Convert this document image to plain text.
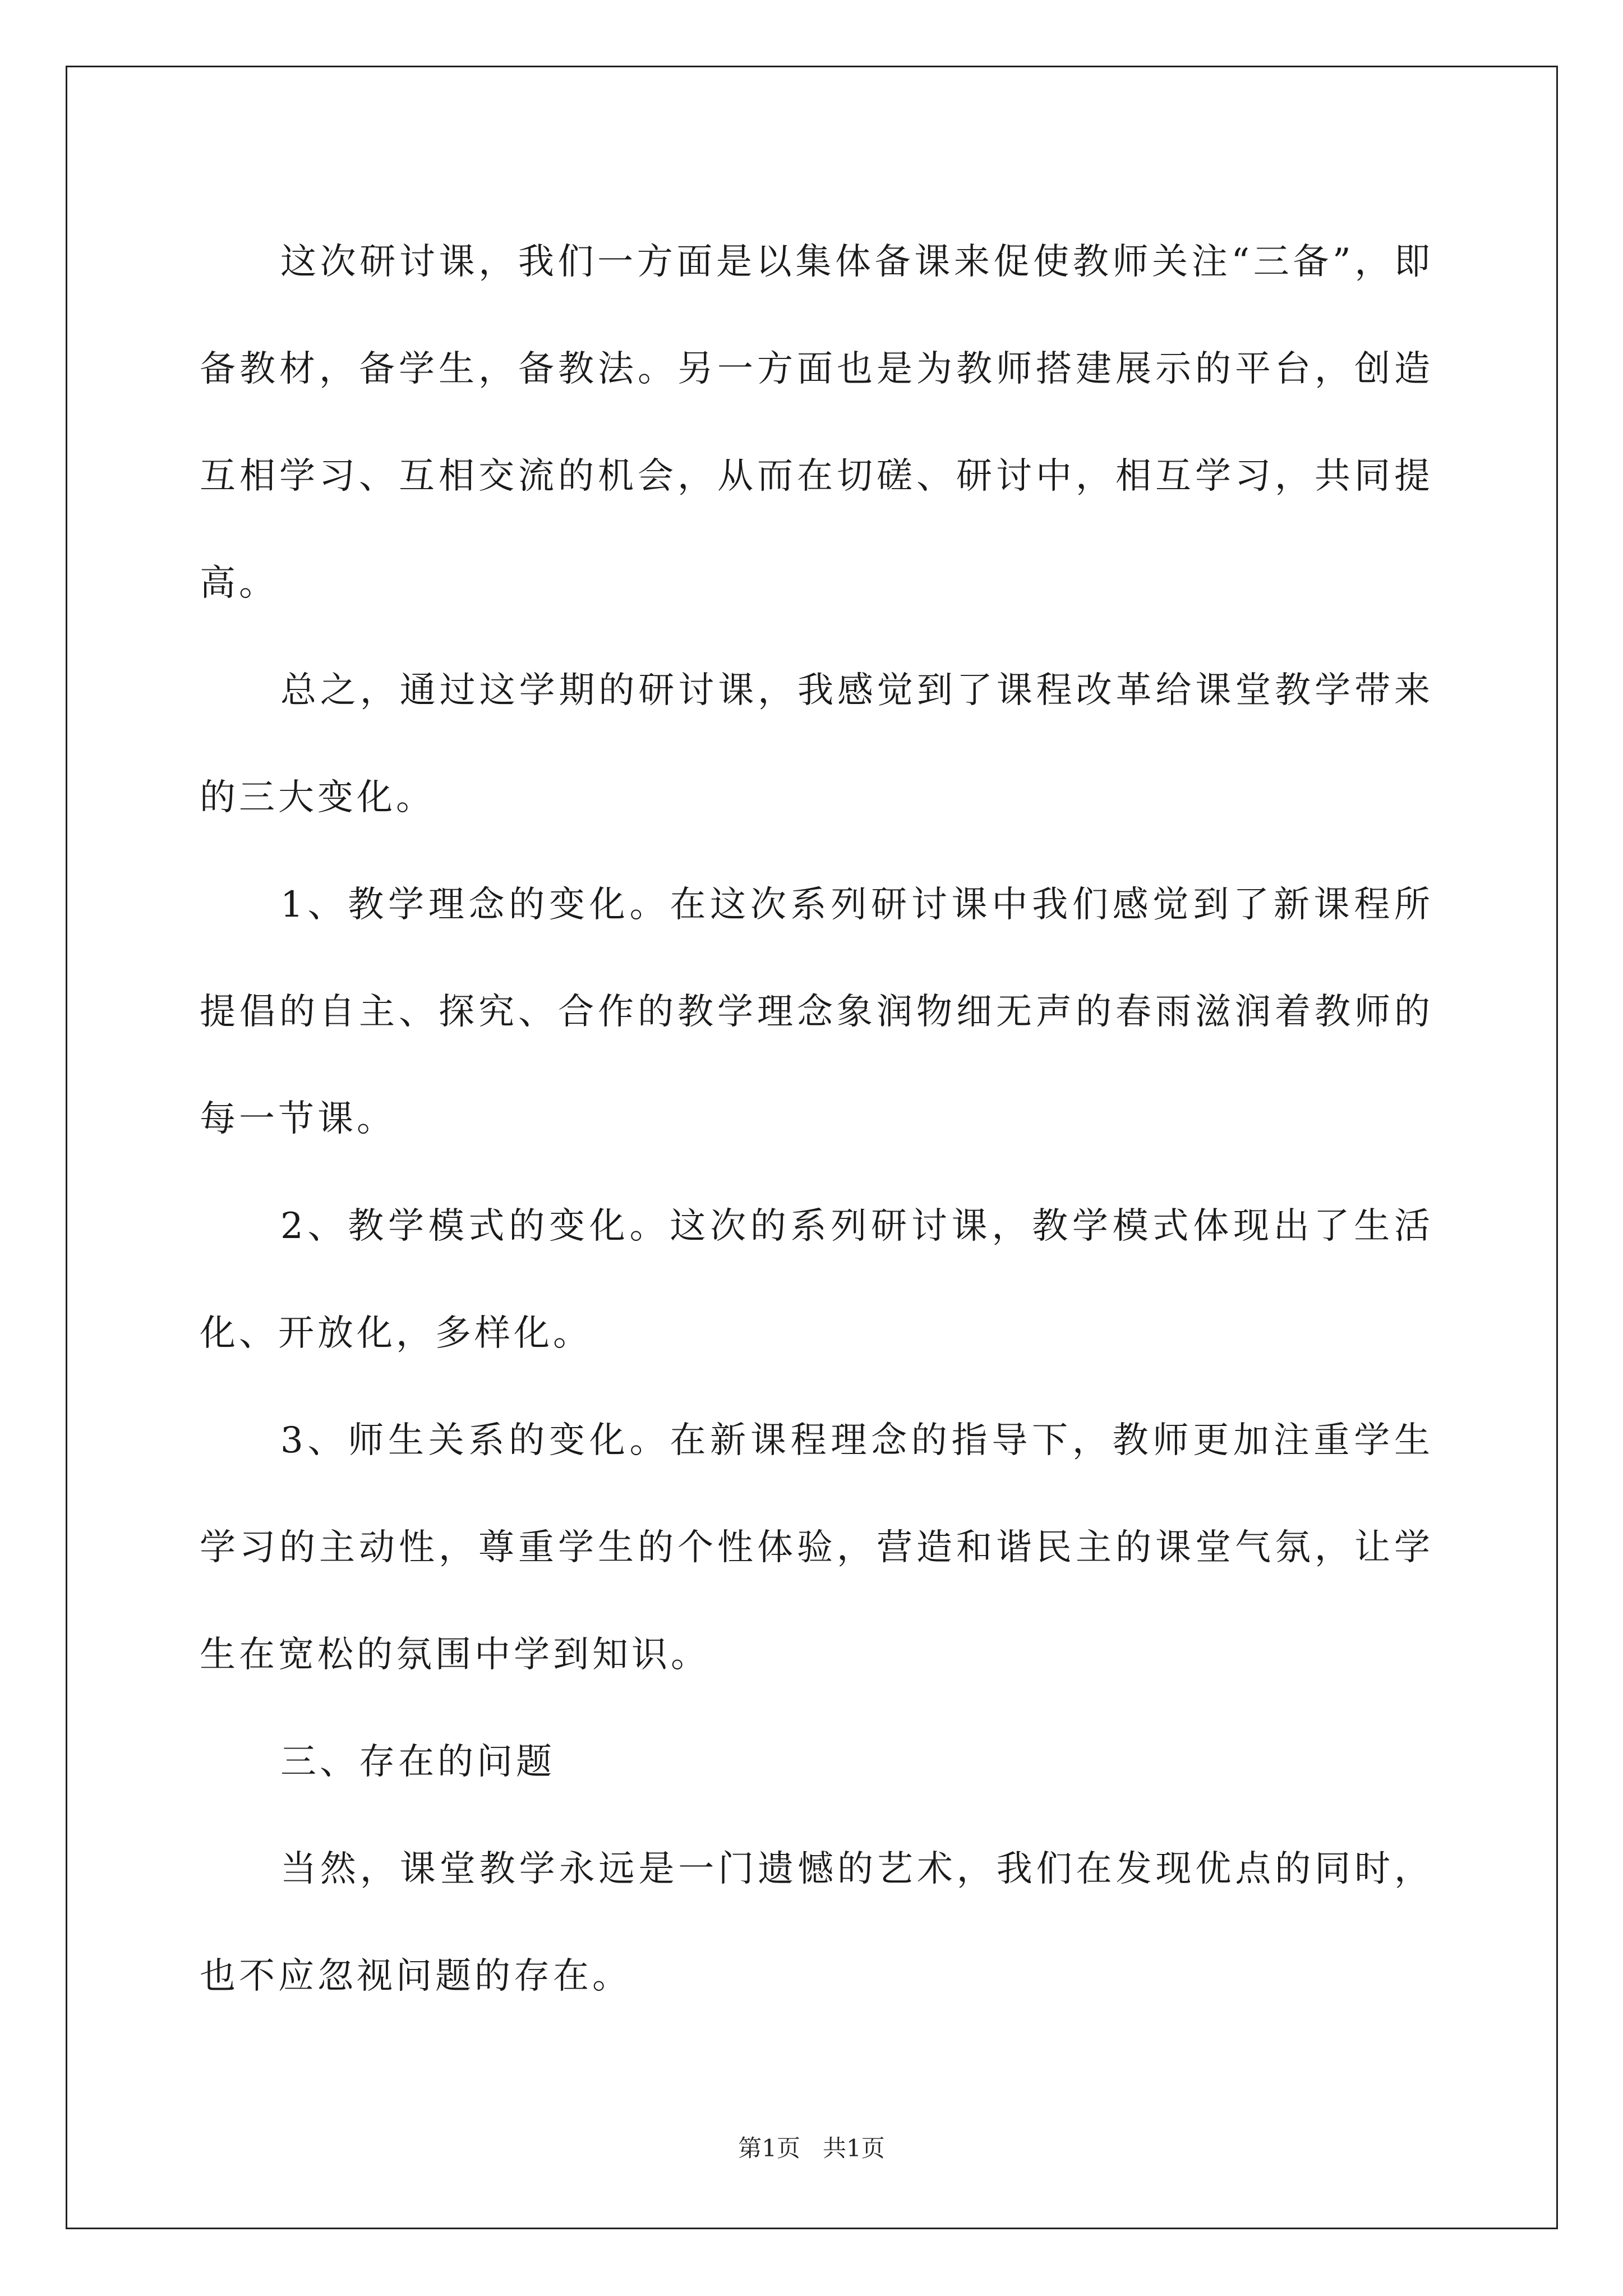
这次研讨课，我们一方面是以集体备课来促使教师关注“三备”，即备教材，备学生，备教法。另一方面也是为教师搭建展示的平台，创造互相学习、互相交流的机会，从而在切磋、研讨中，相互学习，共同提高。

总之，通过这学期的研讨课，我感觉到了课程改革给课堂教学带来的三大变化。

1、教学理念的变化。在这次系列研讨课中我们感觉到了新课程所提倡的自主、探究、合作的教学理念象润物细无声的春雨滋润着教师的每一节课。

2、教学模式的变化。这次的系列研讨课，教学模式体现出了生活化、开放化，多样化。

3、师生关系的变化。在新课程理念的指导下，教师更加注重学生学习的主动性，尊重学生的个性体验，营造和谐民主的课堂气氛，让学生在宽松的氛围中学到知识。

三、存在的问题

当然，课堂教学永远是一门遗憾的艺术，我们在发现优点的同时，也不应忽视问题的存在。

第1页   共1页
